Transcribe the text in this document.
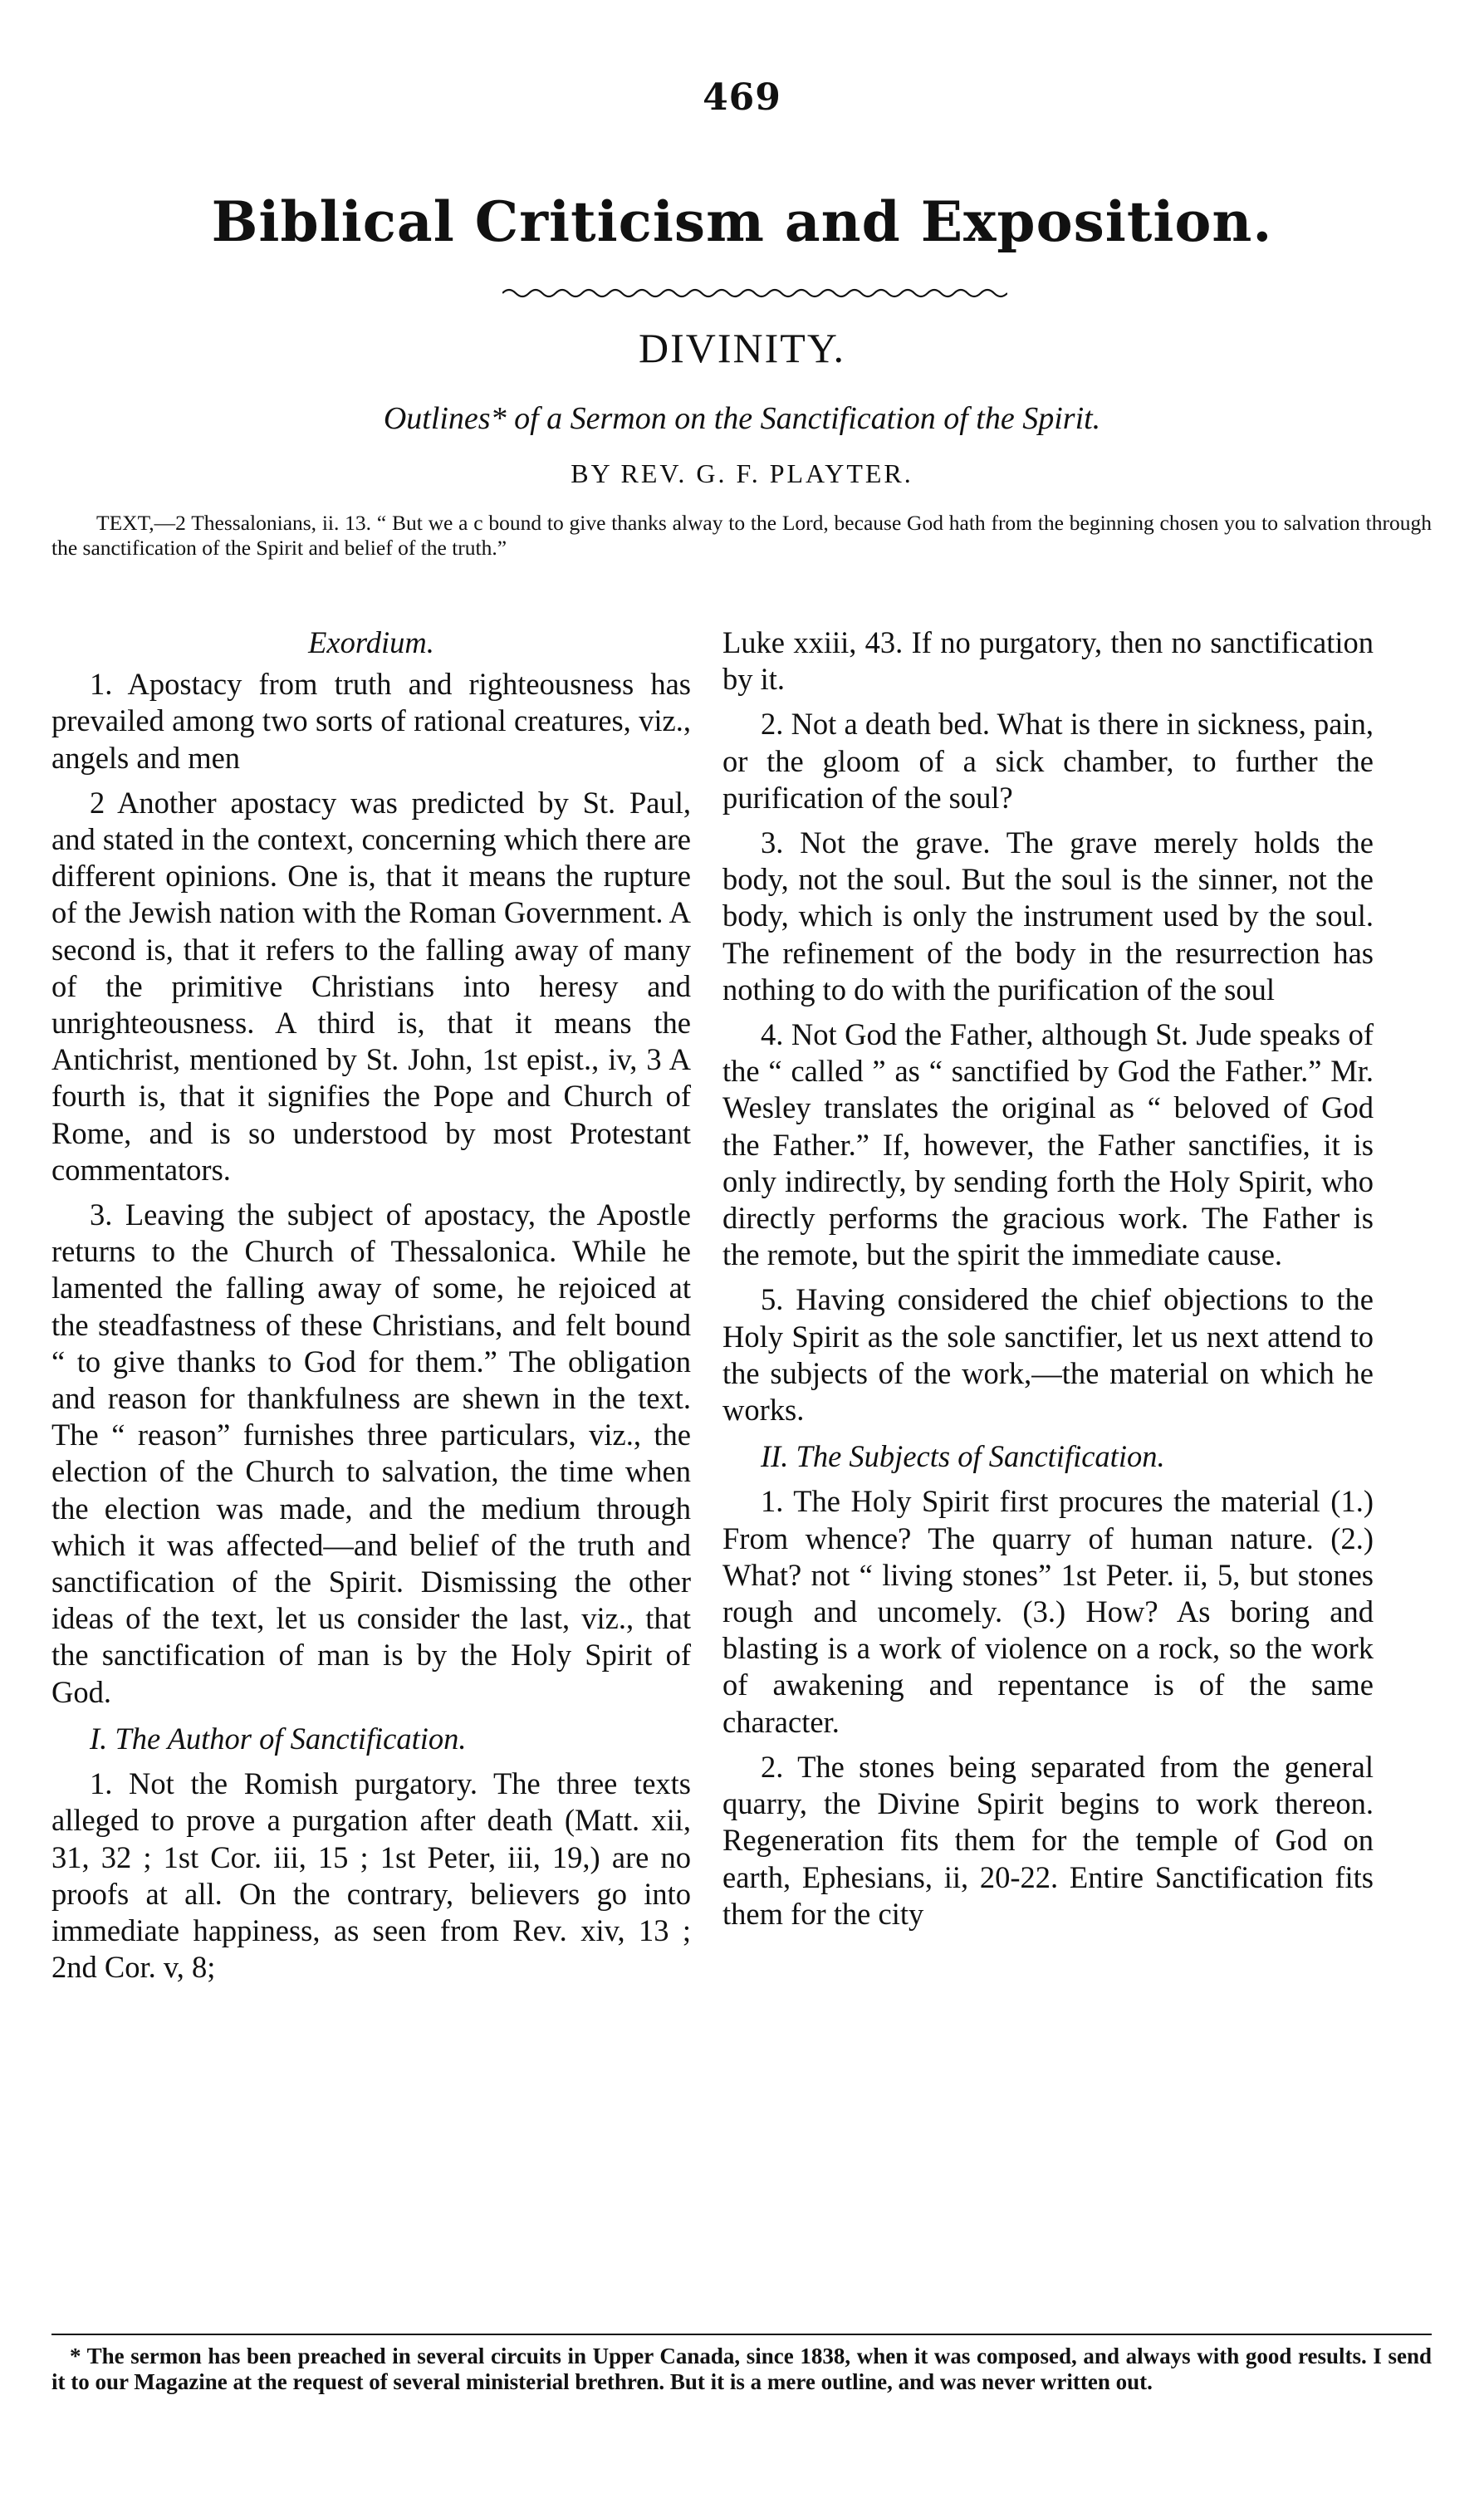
469
Biblical Criticism and Exposition.
DIVINITY.
Outlines* of a Sermon on the Sanctification of the Spirit.
BY REV. G. F. PLAYTER.
TEXT,—2 Thessalonians, ii. 13. “ But we a c bound to give thanks alway to the Lord, because God hath from the beginning chosen you to salvation through the sanctification of the Spirit and belief of the truth.”

Exordium.

1. Apostacy from truth and righteousness has prevailed among two sorts of rational creatures, viz., angels and men

2 Another apostacy was predicted by St. Paul, and stated in the context, concerning which there are different opinions. One is, that it means the rupture of the Jewish nation with the Roman Government. A second is, that it refers to the falling away of many of the primitive Christians into heresy and unrighteousness. A third is, that it means the Antichrist, mentioned by St. John, 1st epist., iv, 3 A fourth is, that it signifies the Pope and Church of Rome, and is so understood by most Protestant commentators.

3. Leaving the subject of apostacy, the Apostle returns to the Church of Thessalonica. While he lamented the falling away of some, he rejoiced at the steadfastness of these Christians, and felt bound “ to give thanks to God for them.” The obligation and reason for thankfulness are shewn in the text. The “ reason” furnishes three particulars, viz., the election of the Church to salvation, the time when the election was made, and the medium through which it was affected—and belief of the truth and sanctification of the Spirit. Dismissing the other ideas of the text, let us consider the last, viz., that the sanctification of man is by the Holy Spirit of God.

I. The Author of Sanctification.

1. Not the Romish purgatory. The three texts alleged to prove a purgation after death (Matt. xii, 31, 32 ; 1st Cor. iii, 15 ; 1st Peter, iii, 19,) are no proofs at all. On the contrary, believers go into immediate happiness, as seen from Rev. xiv, 13 ; 2nd Cor. v, 8;

Luke xxiii, 43. If no purgatory, then no sanctification by it.

2. Not a death bed. What is there in sickness, pain, or the gloom of a sick chamber, to further the purification of the soul?

3. Not the grave. The grave merely holds the body, not the soul. But the soul is the sinner, not the body, which is only the instrument used by the soul. The refinement of the body in the resurrection has nothing to do with the purification of the soul

4. Not God the Father, although St. Jude speaks of the “ called ” as “ sanctified by God the Father.” Mr. Wesley translates the original as “ beloved of God the Father.” If, however, the Father sanctifies, it is only indirectly, by sending forth the Holy Spirit, who directly performs the gracious work. The Father is the remote, but the spirit the immediate cause.

5. Having considered the chief objections to the Holy Spirit as the sole sanctifier, let us next attend to the subjects of the work,—the material on which he works.

II. The Subjects of Sanctification.

1. The Holy Spirit first procures the material (1.) From whence? The quarry of human nature. (2.) What? not “ living stones” 1st Peter. ii, 5, but stones rough and uncomely. (3.) How? As boring and blasting is a work of violence on a rock, so the work of awakening and repentance is of the same character.

2. The stones being separated from the general quarry, the Divine Spirit begins to work thereon. Regeneration fits them for the temple of God on earth, Ephesians, ii, 20-22. Entire Sanctification fits them for the city

* The sermon has been preached in several circuits in Upper Canada, since 1838, when it was composed, and always with good results. I send it to our Magazine at the request of several ministerial brethren. But it is a mere outline, and was never written out.
